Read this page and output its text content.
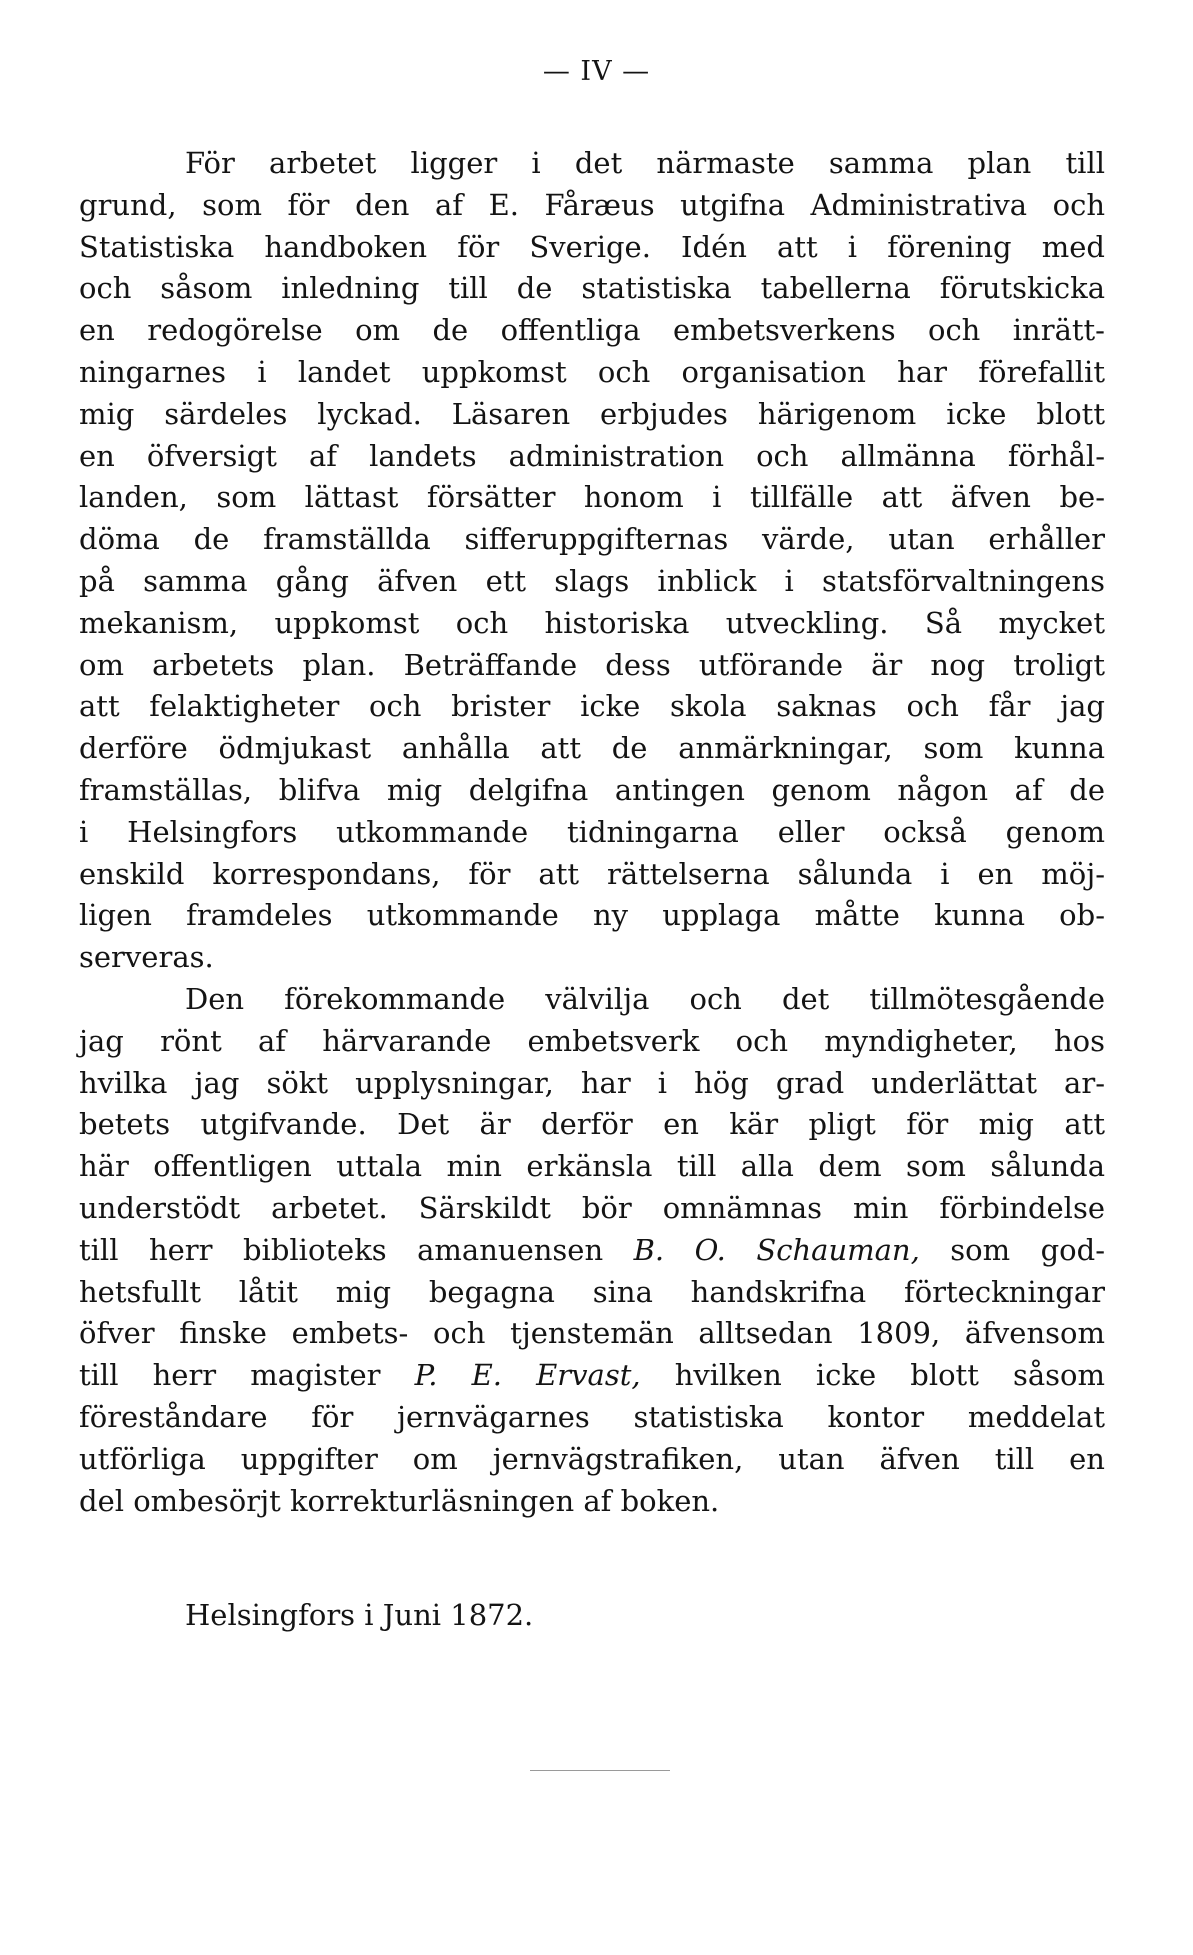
— IV —
För arbetet ligger i det närmaste samma plan till
grund, som för den af E. Fåræus utgifna Administrativa och
Statistiska handboken för Sverige. Idén att i förening med
och såsom inledning till de statistiska tabellerna förutskicka
en redogörelse om de offentliga embetsverkens och inrätt-
ningarnes i landet uppkomst och organisation har förefallit
mig särdeles lyckad. Läsaren erbjudes härigenom icke blott
en öfversigt af landets administration och allmänna förhål-
landen, som lättast försätter honom i tillfälle att äfven be-
döma de framställda sifferuppgifternas värde, utan erhåller
på samma gång äfven ett slags inblick i statsförvaltningens
mekanism, uppkomst och historiska utveckling. Så mycket
om arbetets plan. Beträffande dess utförande är nog troligt
att felaktigheter och brister icke skola saknas och får jag
derföre ödmjukast anhålla att de anmärkningar, som kunna
framställas, blifva mig delgifna antingen genom någon af de
i Helsingfors utkommande tidningarna eller också genom
enskild korrespondans, för att rättelserna sålunda i en möj-
ligen framdeles utkommande ny upplaga måtte kunna ob-
serveras.
Den förekommande välvilja och det tillmötesgående
jag rönt af härvarande embetsverk och myndigheter, hos
hvilka jag sökt upplysningar, har i hög grad underlättat ar-
betets utgifvande. Det är derför en kär pligt för mig att
här offentligen uttala min erkänsla till alla dem som sålunda
understödt arbetet. Särskildt bör omnämnas min förbindelse
till herr biblioteks amanuensen B. O. Schauman, som god-
hetsfullt låtit mig begagna sina handskrifna förteckningar
öfver finske embets- och tjenstemän alltsedan 1809, äfvensom
till herr magister P. E. Ervast, hvilken icke blott såsom
föreståndare för jernvägarnes statistiska kontor meddelat
utförliga uppgifter om jernvägstrafiken, utan äfven till en
del ombesörjt korrekturläsningen af boken.
Helsingfors i Juni 1872.
